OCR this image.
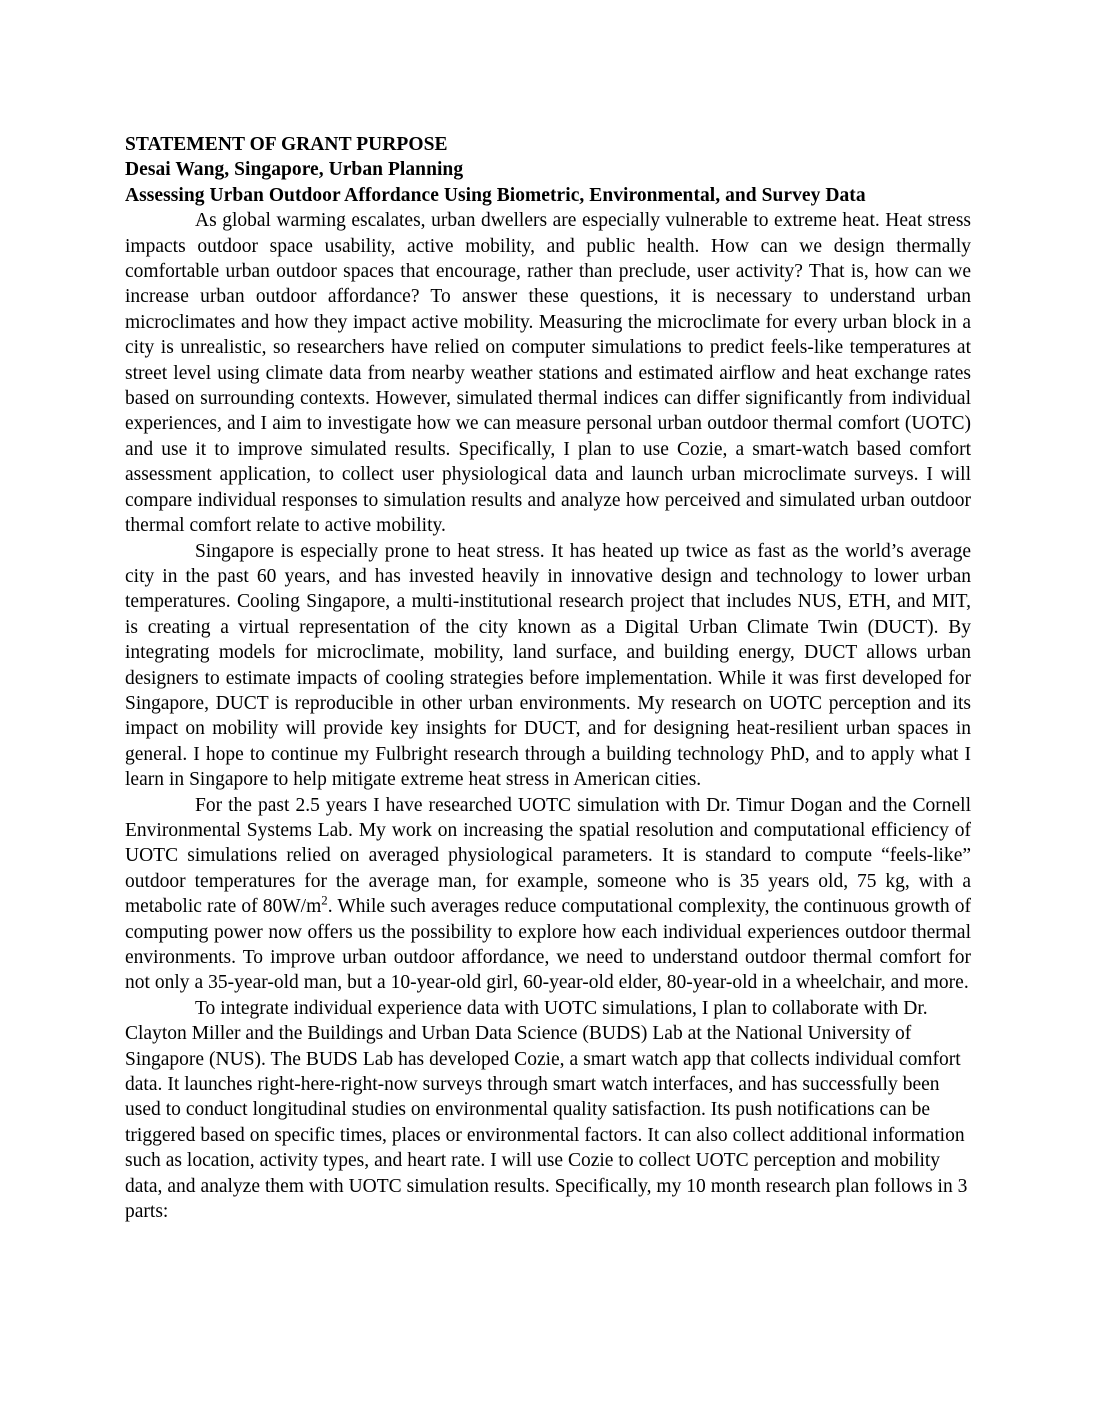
STATEMENT OF GRANT PURPOSE
Desai Wang, Singapore, Urban Planning
Assessing Urban Outdoor Affordance Using Biometric, Environmental, and Survey Data

As global warming escalates, urban dwellers are especially vulnerable to extreme heat. Heat stress impacts outdoor space usability, active mobility, and public health. How can we design thermally comfortable urban outdoor spaces that encourage, rather than preclude, user activity? That is, how can we increase urban outdoor affordance? To answer these questions, it is necessary to understand urban microclimates and how they impact active mobility. Measuring the microclimate for every urban block in a city is unrealistic, so researchers have relied on computer simulations to predict feels-like temperatures at street level using climate data from nearby weather stations and estimated airflow and heat exchange rates based on surrounding contexts. However, simulated thermal indices can differ significantly from individual experiences, and I aim to investigate how we can measure personal urban outdoor thermal comfort (UOTC) and use it to improve simulated results. Specifically, I plan to use Cozie, a smart-watch based comfort assessment application, to collect user physiological data and launch urban microclimate surveys. I will compare individual responses to simulation results and analyze how perceived and simulated urban outdoor thermal comfort relate to active mobility.

Singapore is especially prone to heat stress. It has heated up twice as fast as the world’s average city in the past 60 years, and has invested heavily in innovative design and technology to lower urban temperatures. Cooling Singapore, a multi-institutional research project that includes NUS, ETH, and MIT, is creating a virtual representation of the city known as a Digital Urban Climate Twin (DUCT). By integrating models for microclimate, mobility, land surface, and building energy, DUCT allows urban designers to estimate impacts of cooling strategies before implementation. While it was first developed for Singapore, DUCT is reproducible in other urban environments. My research on UOTC perception and its impact on mobility will provide key insights for DUCT, and for designing heat-resilient urban spaces in general. I hope to continue my Fulbright research through a building technology PhD, and to apply what I learn in Singapore to help mitigate extreme heat stress in American cities.

For the past 2.5 years I have researched UOTC simulation with Dr. Timur Dogan and the Cornell Environmental Systems Lab. My work on increasing the spatial resolution and computational efficiency of UOTC simulations relied on averaged physiological parameters. It is standard to compute “feels-like” outdoor temperatures for the average man, for example, someone who is 35 years old, 75 kg, with a metabolic rate of $80W/m^2$. While such averages reduce computational complexity, the continuous growth of computing power now offers us the possibility to explore how each individual experiences outdoor thermal environments. To improve urban outdoor affordance, we need to understand outdoor thermal comfort for not only a 35-year-old man, but a 10-year-old girl, 60-year-old elder, 80-year-old in a wheelchair, and more.

To integrate individual experience data with UOTC simulations, I plan to collaborate with Dr. Clayton Miller and the Buildings and Urban Data Science (BUDS) Lab at the National University of Singapore (NUS). The BUDS Lab has developed Cozie, a smart watch app that collects individual comfort data. It launches right-here-right-now surveys through smart watch interfaces, and has successfully been used to conduct longitudinal studies on environmental quality satisfaction. Its push notifications can be triggered based on specific times, places or environmental factors. It can also collect additional information such as location, activity types, and heart rate. I will use Cozie to collect UOTC perception and mobility data, and analyze them with UOTC simulation results. Specifically, my 10 month research plan follows in 3 parts:
